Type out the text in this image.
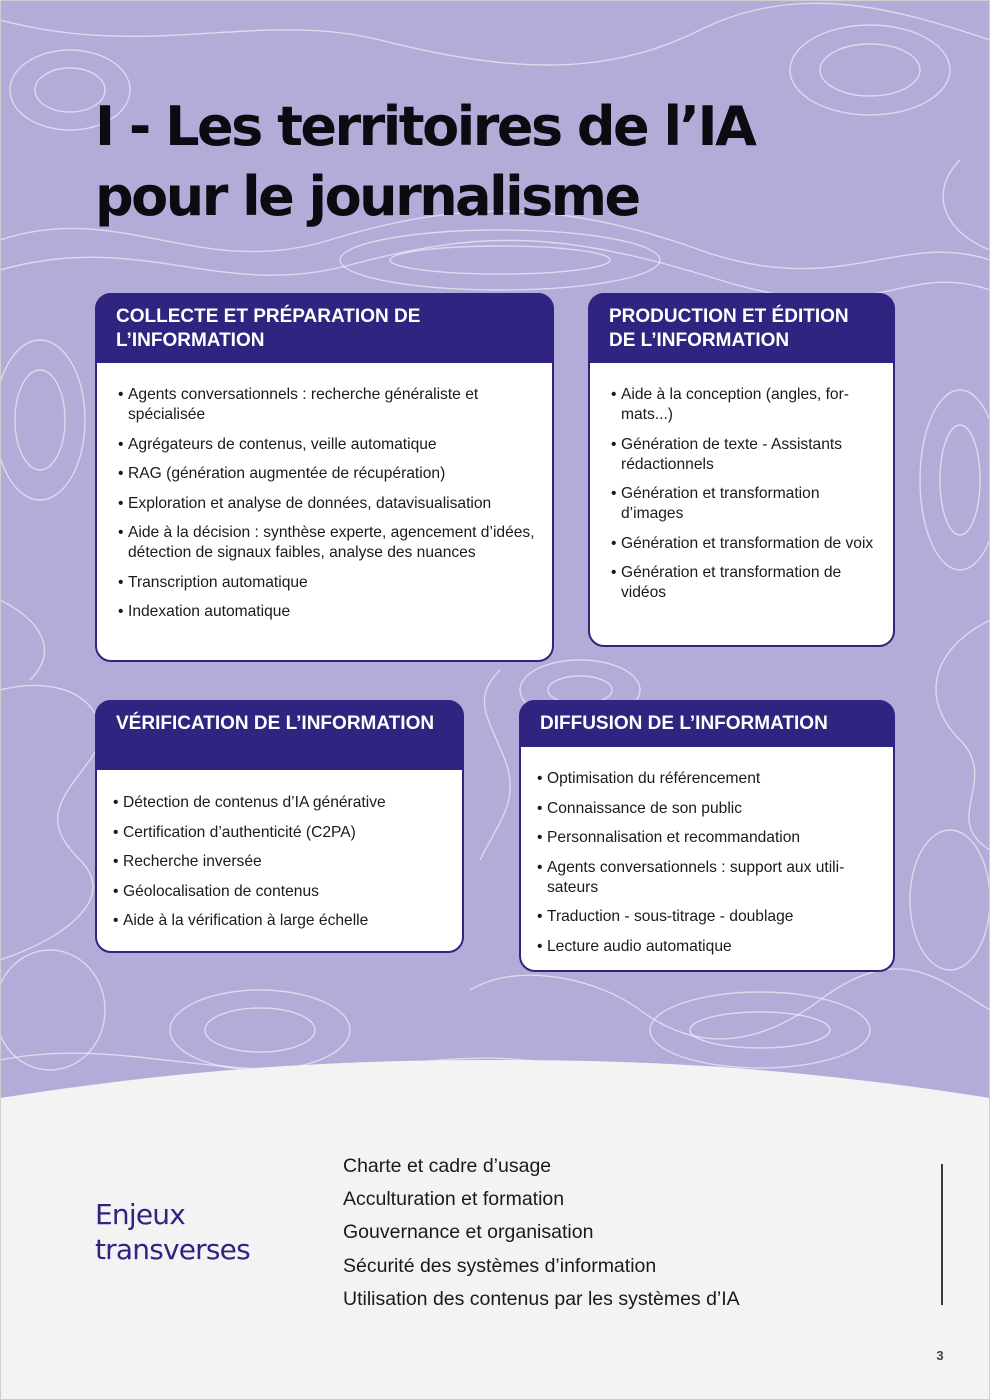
I - Les territoires de l’IA
pour le journalisme
COLLECTE ET PRÉPARATION DE L’INFORMATION
• Agents conversationnels : recherche généraliste et spécialisée
• Agrégateurs de contenus, veille automatique
• RAG (génération augmentée de récupération)
• Exploration et analyse de données, datavisualisation
• Aide à la décision : synthèse experte, agencement d’idées, détection de signaux faibles, analyse des nuances
• Transcription automatique
• Indexation automatique
PRODUCTION ET ÉDITION DE L’INFORMATION
• Aide à la conception (angles, for-mats...)
• Génération de texte - Assistants rédactionnels
• Génération et transformation d’images
• Génération et transformation de voix
• Génération et transformation de vidéos
VÉRIFICATION DE L’INFORMATION
• Détection de contenus d’IA générative
• Certification d’authenticité (C2PA)
• Recherche inversée
• Géolocalisation de contenus
• Aide à la vérification à large échelle
DIFFUSION DE L’INFORMATION
• Optimisation du référencement
• Connaissance de son public
• Personnalisation et recommandation
• Agents conversationnels : support aux utili-sateurs
• Traduction - sous-titrage - doublage
• Lecture audio automatique
Enjeux
transverses
Charte et cadre d’usage
Acculturation et formation
Gouvernance et organisation
Sécurité des systèmes d’information
Utilisation des contenus par les systèmes d’IA
3
